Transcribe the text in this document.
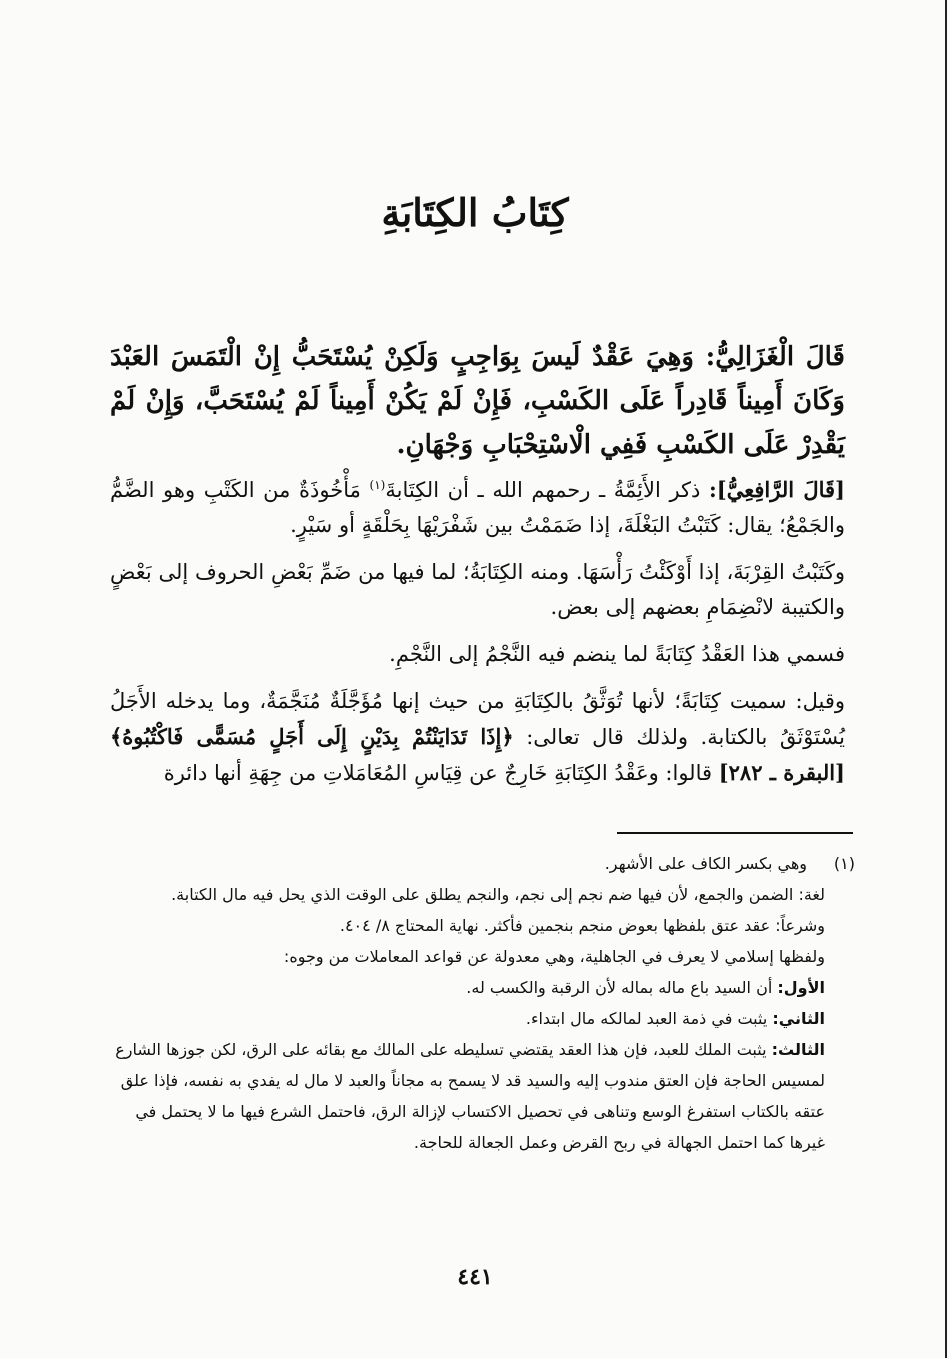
كِتَابُ الكِتَابَةِ
قَالَ الْغَزَالِيُّ: وَهِيَ عَقْدٌ لَيسَ بِوَاجِبٍ وَلَكِنْ يُسْتَحَبُّ إِنْ الْتَمَسَ العَبْدَ وَكَانَ أَمِيناً قَادِراً عَلَى الكَسْبِ، فَإِنْ لَمْ يَكُنْ أَمِيناً لَمْ يُسْتَحَبَّ، وَإِنْ لَمْ يَقْدِرْ عَلَى الكَسْبِ فَفِي الْاسْتِحْبَابِ وَجْهَانِ.

[قَالَ الرَّافِعِيُّ]: ذكر الأَئِمَّةُ ـ رحمهم الله ـ أن الكِتَابةَ$^{(١)}$ مَأْخُوذَةٌ من الكَتْبِ وهو الضَّمُّ والجَمْعُ؛ يقال: كَتَبْتُ البَغْلَةَ، إذا ضَمَمْتُ بين شَفْرَيْهَا بِحَلْقَةٍ أو سَيْرٍ.

وكَتَبْتُ القِرْبَةَ، إذا أَوْكَئْتُ رَأْسَهَا. ومنه الكِتَابَةُ؛ لما فيها من ضَمِّ بَعْضِ الحروف إلى بَعْضٍ والكتيبة لانْضِمَامِ بعضهم إلى بعض.

فسمي هذا العَقْدُ كِتَابَةً لما ينضم فيه النَّجْمُ إلى النَّجْمِ.

وقيل: سميت كِتَابَةً؛ لأنها تُوَثَّقُ بالكِتَابَةِ من حيث إنها مُؤَجَّلَةٌ مُنَجَّمَةٌ، وما يدخله الأَجَلُ يُسْتَوْثَقُ بالكتابة. ولذلك قال تعالى: ﴿إِذَا تَدَايَنْتُمْ بِدَيْنٍ إِلَى أَجَلٍ مُسَمًّى فَاكْتُبُوهُ﴾ [البقرة ـ ٢٨٢] قالوا: وعَقْدُ الكِتَابَةِ خَارِجٌ عن قِيَاسِ المُعَامَلاتِ من جِهَةِ أنها دائرة

(١)وهي بكسر الكاف على الأشهر.

لغة: الضمن والجمع، لأن فيها ضم نجم إلى نجم، والنجم يطلق على الوقت الذي يحل فيه مال الكتابة.

وشرعاً: عقد عتق بلفظها بعوض منجم بنجمين فأكثر. نهاية المحتاج ٨/ ٤٠٤.

ولفظها إسلامي لا يعرف في الجاهلية، وهي معدولة عن قواعد المعاملات من وجوه:

الأول: أن السيد باع ماله بماله لأن الرقبة والكسب له.

الثاني: يثبت في ذمة العبد لمالكه مال ابتداء.

الثالث: يثبت الملك للعبد، فإن هذا العقد يقتضي تسليطه على المالك مع بقائه على الرق، لكن جوزها الشارع لمسيس الحاجة فإن العتق مندوب إليه والسيد قد لا يسمح به مجاناً والعبد لا مال له يفدي به نفسه، فإذا علق عتقه بالكتاب استفرغ الوسع وتناهى في تحصيل الاكتساب لإزالة الرق، فاحتمل الشرع فيها ما لا يحتمل في غيرها كما احتمل الجهالة في ربح القرض وعمل الجعالة للحاجة.

٤٤١
